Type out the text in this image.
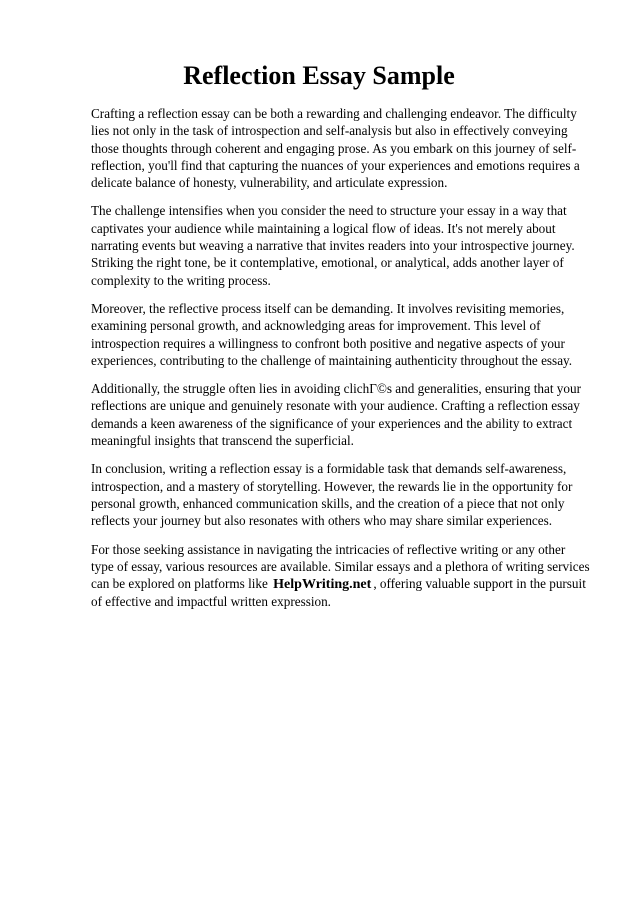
Reflection Essay Sample

Crafting a reflection essay can be both a rewarding and challenging endeavor. The difficulty lies not only in the task of introspection and self-analysis but also in effectively conveying those thoughts through coherent and engaging prose. As you embark on this journey of self-reflection, you'll find that capturing the nuances of your experiences and emotions requires a delicate balance of honesty, vulnerability, and articulate expression.

The challenge intensifies when you consider the need to structure your essay in a way that captivates your audience while maintaining a logical flow of ideas. It's not merely about narrating events but weaving a narrative that invites readers into your introspective journey. Striking the right tone, be it contemplative, emotional, or analytical, adds another layer of complexity to the writing process.

Moreover, the reflective process itself can be demanding. It involves revisiting memories, examining personal growth, and acknowledging areas for improvement. This level of introspection requires a willingness to confront both positive and negative aspects of your experiences, contributing to the challenge of maintaining authenticity throughout the essay.

Additionally, the struggle often lies in avoiding clichГ©s and generalities, ensuring that your reflections are unique and genuinely resonate with your audience. Crafting a reflection essay demands a keen awareness of the significance of your experiences and the ability to extract meaningful insights that transcend the superficial.

In conclusion, writing a reflection essay is a formidable task that demands self-awareness, introspection, and a mastery of storytelling. However, the rewards lie in the opportunity for personal growth, enhanced communication skills, and the creation of a piece that not only reflects your journey but also resonates with others who may share similar experiences.

For those seeking assistance in navigating the intricacies of reflective writing or any other type of essay, various resources are available. Similar essays and a plethora of writing services can be explored on platforms like HelpWriting.net , offering valuable support in the pursuit of effective and impactful written expression.
